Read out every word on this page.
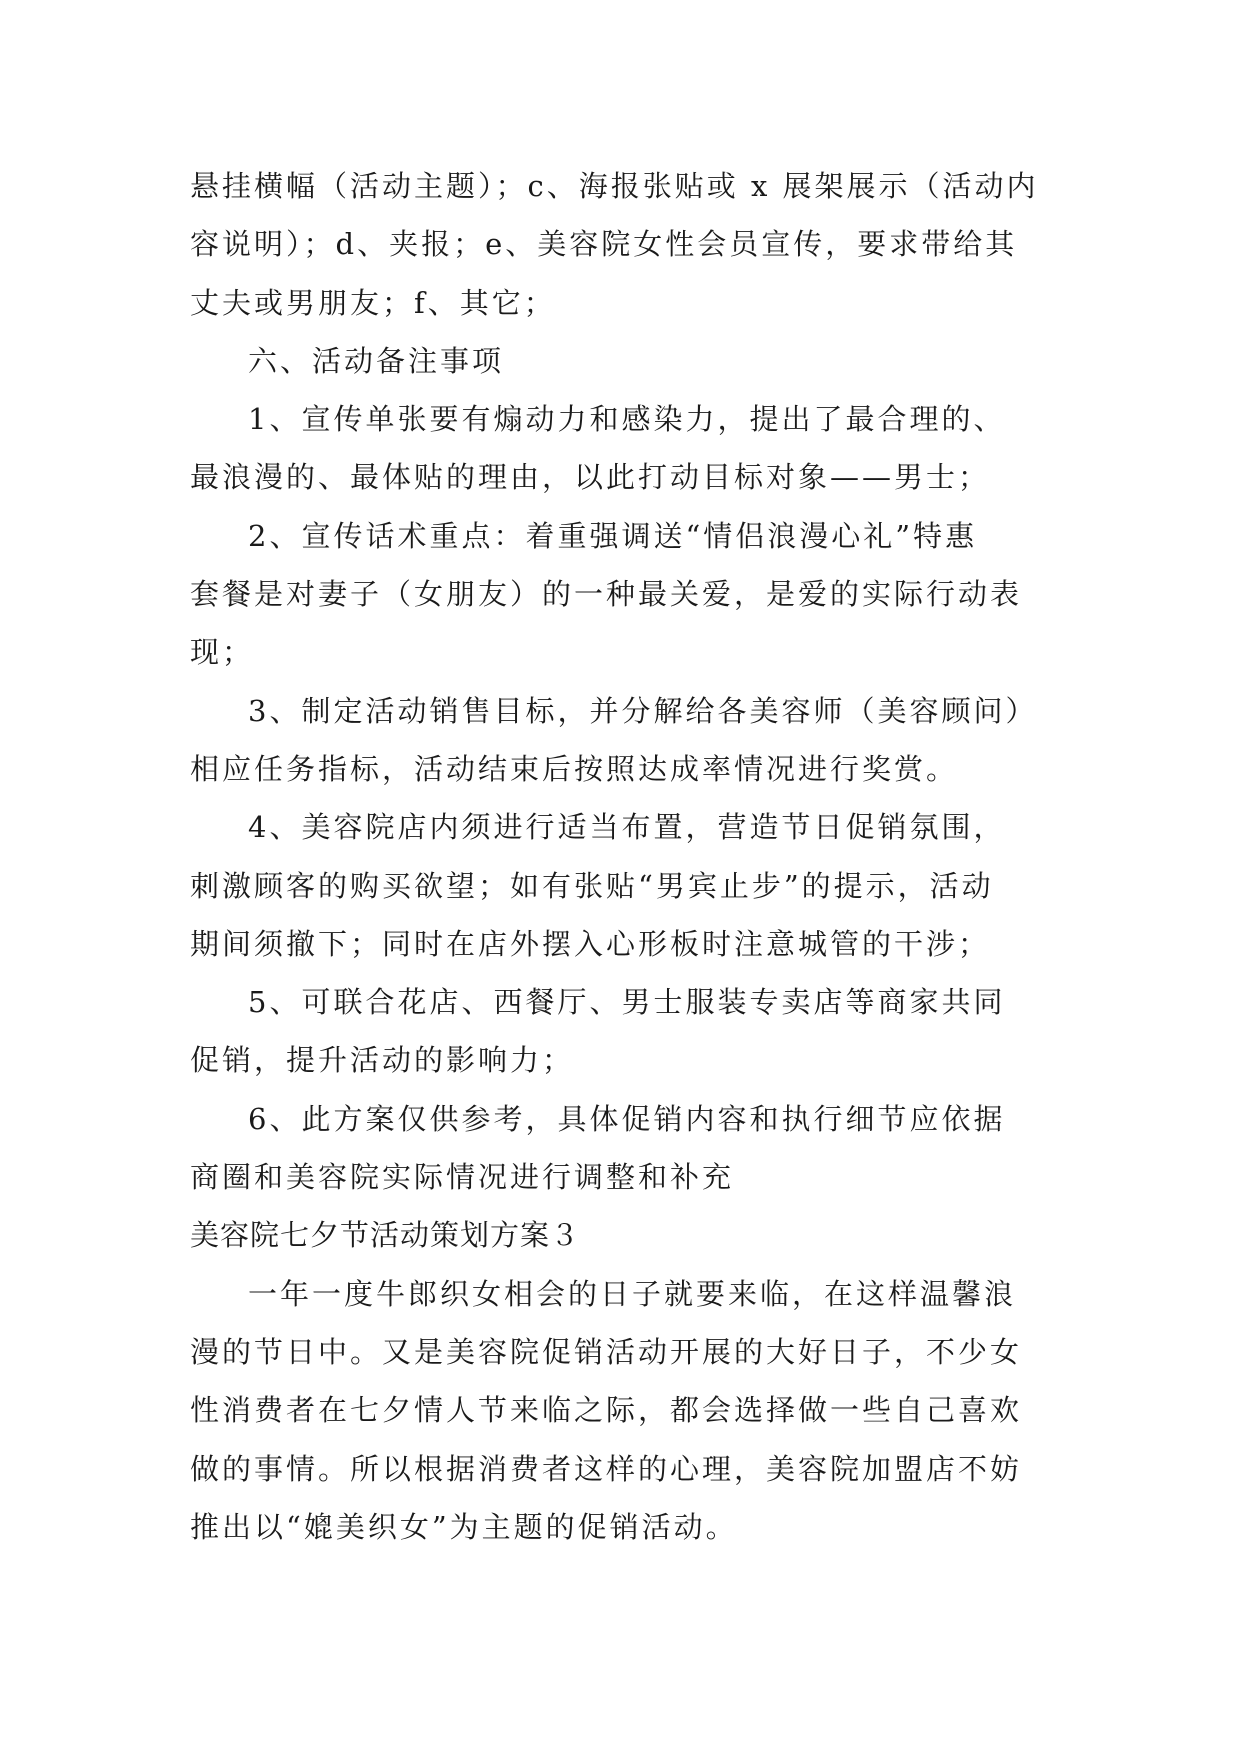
悬挂横幅（活动主题）；c、海报张贴或 x 展架展示（活动内
容说明）；d、夹报；e、美容院女性会员宣传，要求带给其
丈夫或男朋友；f、其它；
六、活动备注事项
1、宣传单张要有煽动力和感染力，提出了最合理的、
最浪漫的、最体贴的理由，以此打动目标对象——男士；
2、宣传话术重点：着重强调送“情侣浪漫心礼”特惠
套餐是对妻子（女朋友）的一种最关爱，是爱的实际行动表
现；
3、制定活动销售目标，并分解给各美容师（美容顾问）
相应任务指标，活动结束后按照达成率情况进行奖赏。
4、美容院店内须进行适当布置，营造节日促销氛围，
刺激顾客的购买欲望；如有张贴“男宾止步”的提示，活动
期间须撤下；同时在店外摆入心形板时注意城管的干涉；
5、可联合花店、西餐厅、男士服装专卖店等商家共同
促销，提升活动的影响力；
6、此方案仅供参考，具体促销内容和执行细节应依据
商圈和美容院实际情况进行调整和补充
美容院七夕节活动策划方案３
一年一度牛郎织女相会的日子就要来临，在这样温馨浪
漫的节日中。又是美容院促销活动开展的大好日子，不少女
性消费者在七夕情人节来临之际，都会选择做一些自己喜欢
做的事情。所以根据消费者这样的心理，美容院加盟店不妨
推出以“媲美织女”为主题的促销活动。
